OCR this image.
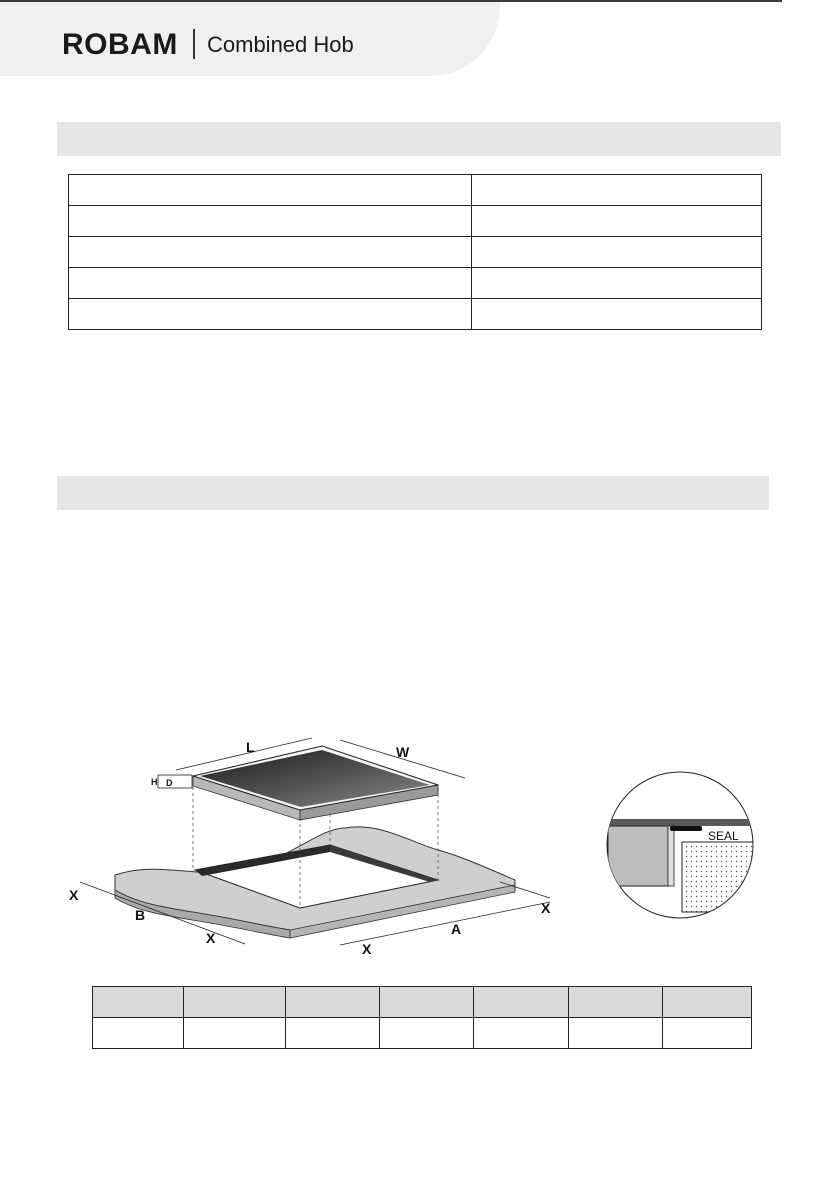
ROBAM Combined Hob

L	W
H D
X
B
X
X
A
X
SEAL
